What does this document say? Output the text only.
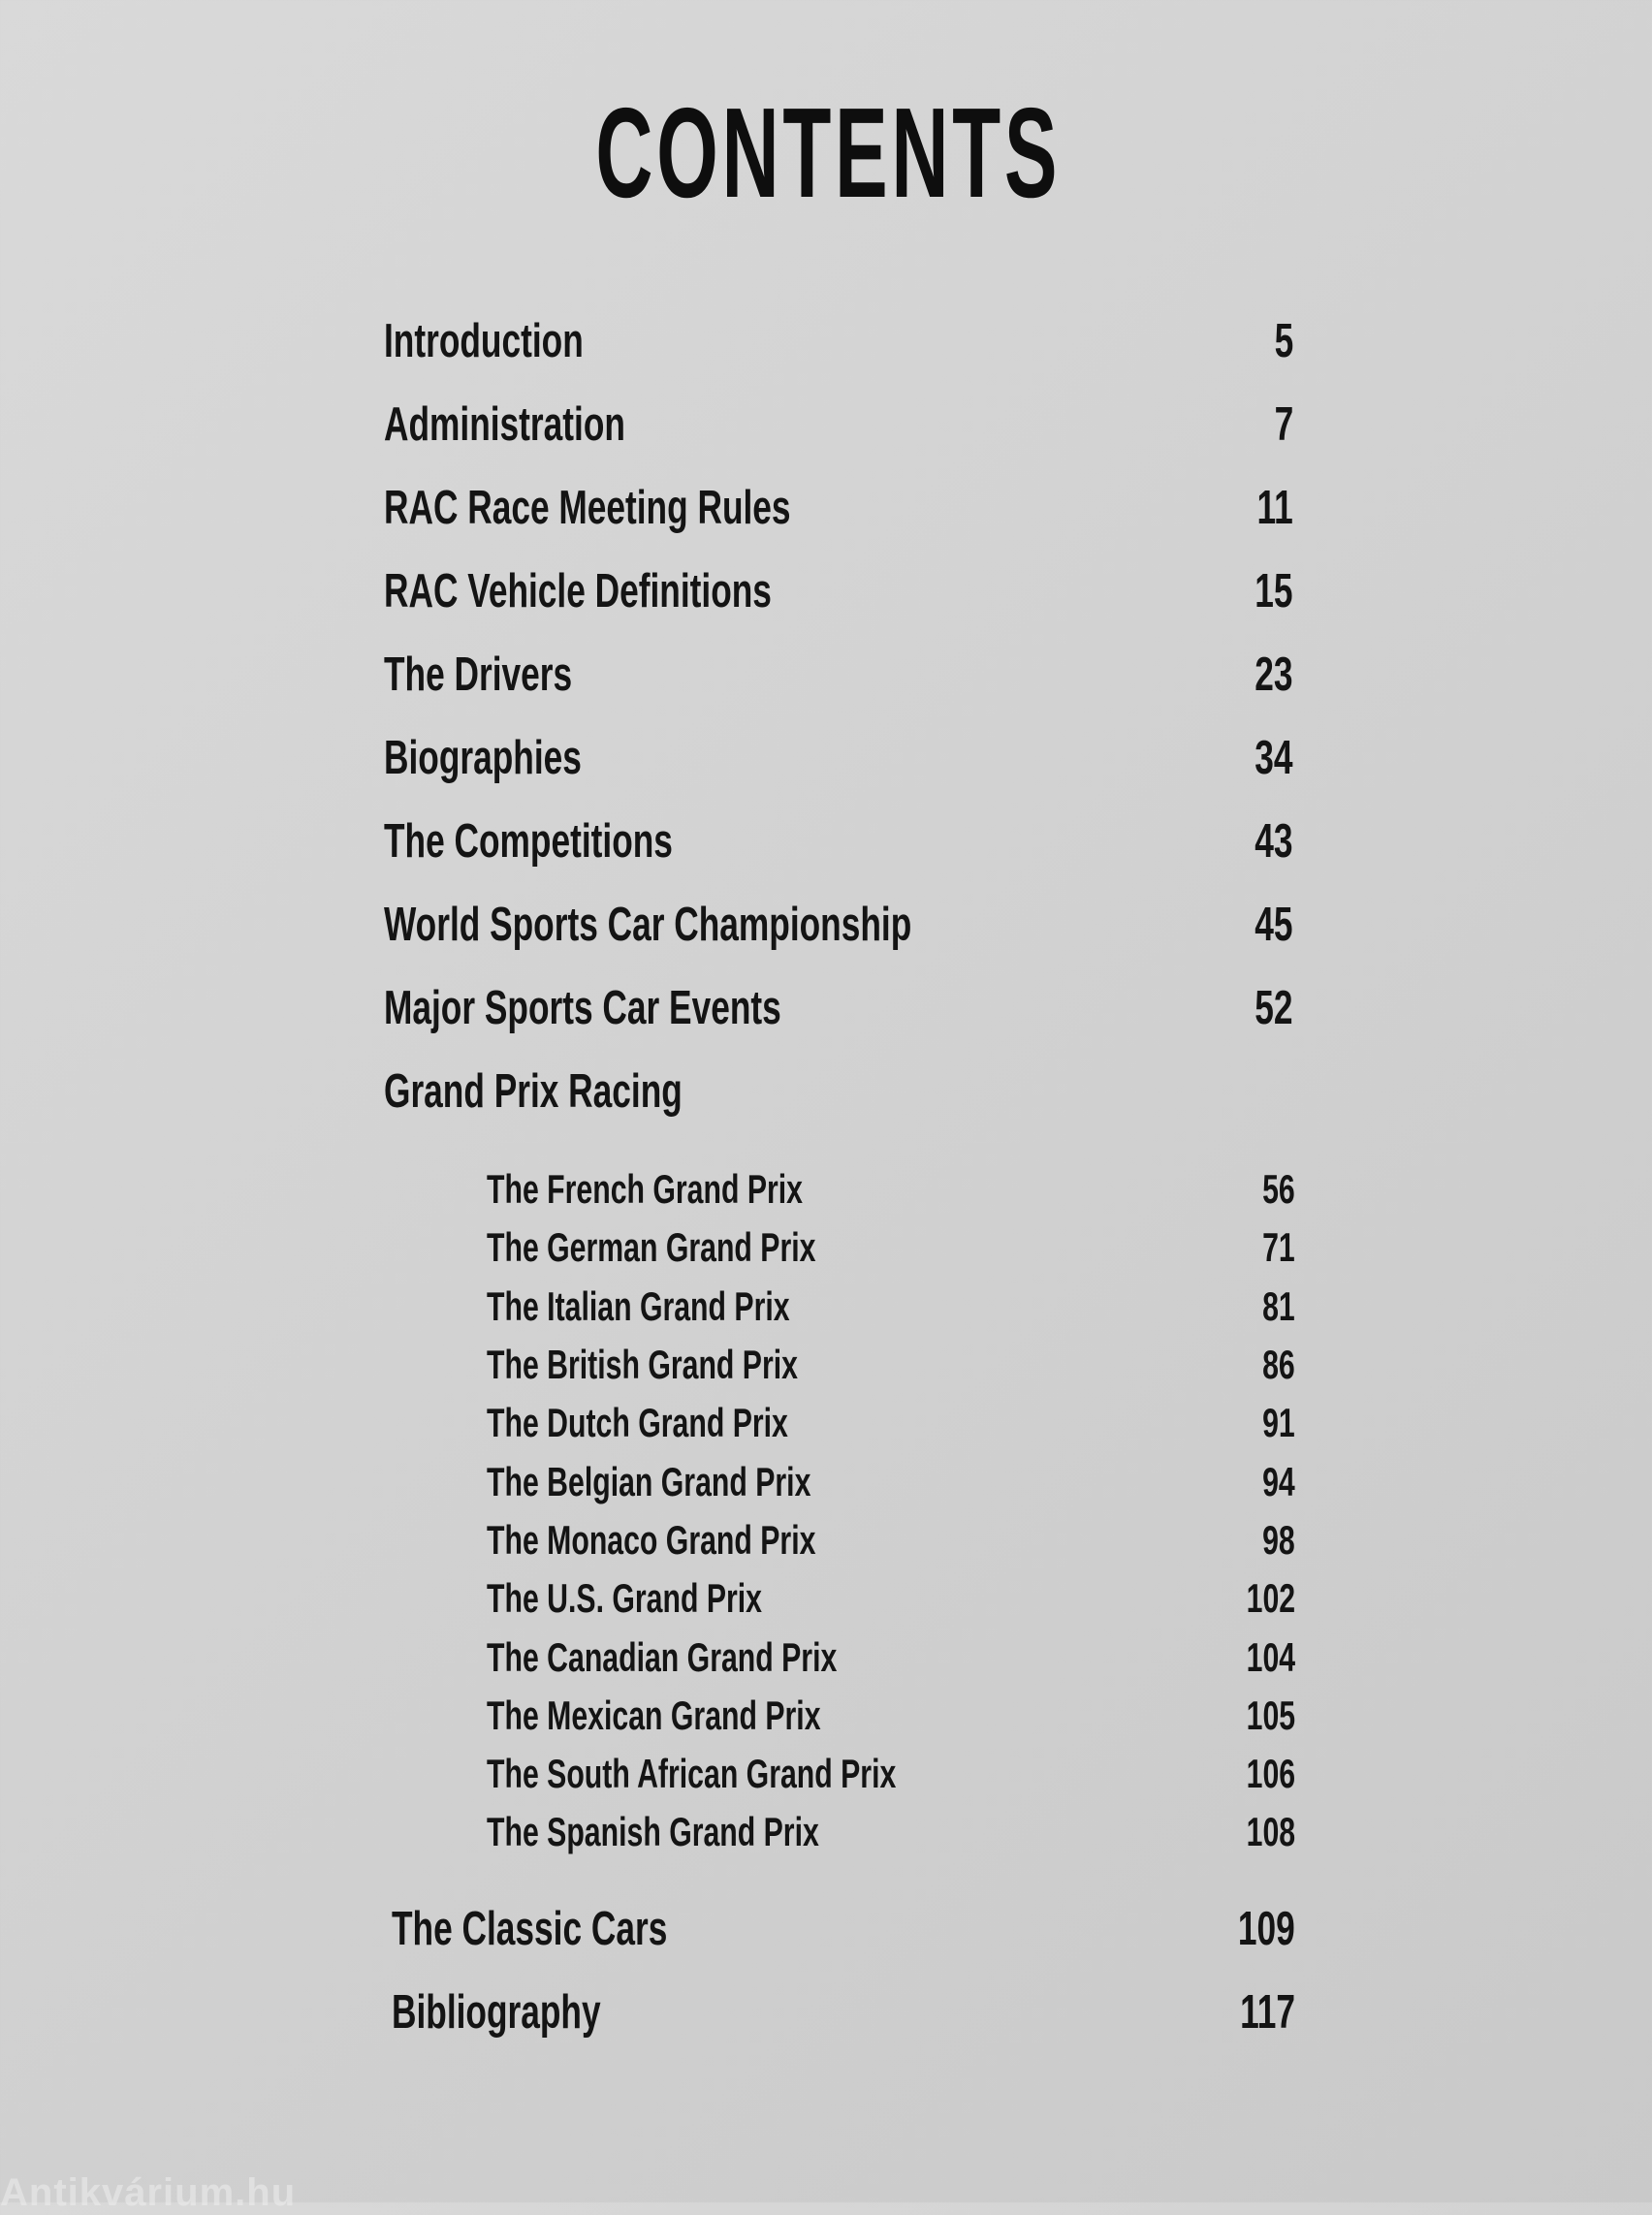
CONTENTS
Introduction	5
Administration	7
RAC Race Meeting Rules	11
RAC Vehicle Definitions	15
The Drivers	23
Biographies	34
The Competitions	43
World Sports Car Championship	45
Major Sports Car Events	52
Grand Prix Racing
The French Grand Prix	56
The German Grand Prix	71
The Italian Grand Prix	81
The British Grand Prix	86
The Dutch Grand Prix	91
The Belgian Grand Prix	94
The Monaco Grand Prix	98
The U.S. Grand Prix	102
The Canadian Grand Prix	104
The Mexican Grand Prix	105
The South African Grand Prix	106
The Spanish Grand Prix	108
The Classic Cars	109
Bibliography	117
Antikvárium.hu
